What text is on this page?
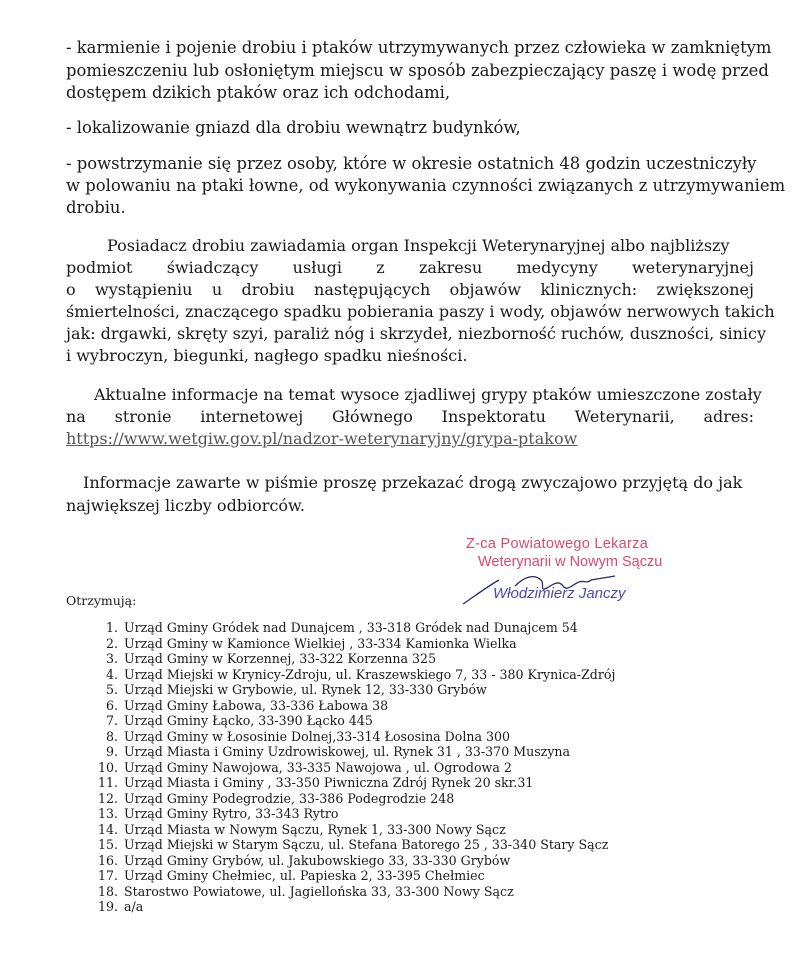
- karmienie i pojenie drobiu i ptaków utrzymywanych przez człowieka w zamkniętym
pomieszczeniu lub osłoniętym miejscu w sposób zabezpieczający paszę i wodę przed
dostępem dzikich ptaków oraz ich odchodami,
- lokalizowanie gniazd dla drobiu wewnątrz budynków,
- powstrzymanie się przez osoby, które w okresie ostatnich 48 godzin uczestniczyły
w polowaniu na ptaki łowne, od wykonywania czynności związanych z utrzymywaniem
drobiu.
Posiadacz drobiu zawiadamia organ Inspekcji Weterynaryjnej albo najbliższy
podmiot świadczący usługi z zakresu medycyny weterynaryjnej
o wystąpieniu u drobiu następujących objawów klinicznych: zwiększonej
śmiertelności, znaczącego spadku pobierania paszy i wody, objawów nerwowych takich
jak: drgawki, skręty szyi, paraliż nóg i skrzydeł, niezborność ruchów, duszności, sinicy
i wybroczyn, biegunki, nagłego spadku nieśności.
Aktualne informacje na temat wysoce zjadliwej grypy ptaków umieszczone zostały
na stronie internetowej Głównego Inspektoratu Weterynarii, adres:
https://www.wetgiw.gov.pl/nadzor-weterynaryjny/grypa-ptakow
Informacje zawarte w piśmie proszę przekazać drogą zwyczajowo przyjętą do jak
największej liczby odbiorców.
Z-ca Powiatowego Lekarza
Weterynarii w Nowym Sączu
Włodzimierz Janczy
Otrzymują:
1. Urząd Gminy Gródek nad Dunajcem , 33-318 Gródek nad Dunajcem 54
2. Urząd Gminy w Kamionce Wielkiej , 33-334 Kamionka Wielka
3. Urząd Gminy w Korzennej, 33-322 Korzenna 325
4. Urząd Miejski w Krynicy-Zdroju, ul. Kraszewskiego 7, 33 - 380 Krynica-Zdrój
5. Urząd Miejski w Grybowie, ul. Rynek 12, 33-330 Grybów
6. Urząd Gminy Łabowa, 33-336 Łabowa 38
7. Urząd Gminy Łącko, 33-390 Łącko 445
8. Urząd Gminy w Łososinie Dolnej,33-314 Łososina Dolna 300
9. Urząd Miasta i Gminy Uzdrowiskowej, ul. Rynek 31 , 33-370 Muszyna
10. Urząd Gminy Nawojowa, 33-335 Nawojowa , ul. Ogrodowa 2
11. Urząd Miasta i Gminy , 33-350 Piwniczna Zdrój Rynek 20 skr.31
12. Urząd Gminy Podegrodzie, 33-386 Podegrodzie 248
13. Urząd Gminy Rytro, 33-343 Rytro
14. Urząd Miasta w Nowym Sączu, Rynek 1, 33-300 Nowy Sącz
15. Urząd Miejski w Starym Sączu, ul. Stefana Batorego 25 , 33-340 Stary Sącz
16. Urząd Gminy Grybów, ul. Jakubowskiego 33, 33-330 Grybów
17. Urząd Gminy Chełmiec, ul. Papieska 2, 33-395 Chełmiec
18. Starostwo Powiatowe, ul. Jagiellońska 33, 33-300 Nowy Sącz
19. a/a
